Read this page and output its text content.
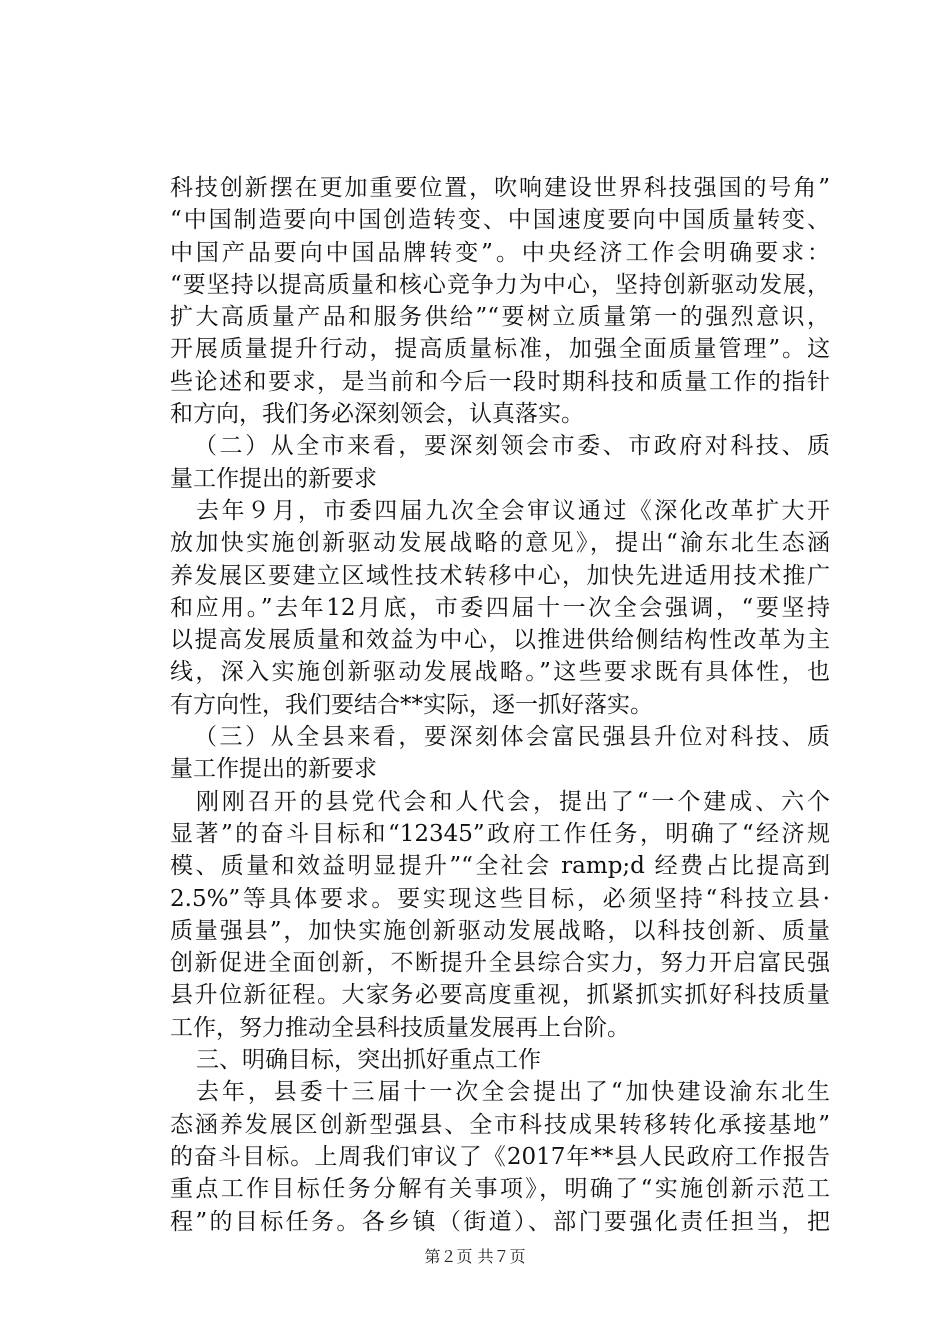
科技创新摆在更加重要位置，吹响建设世界科技强国的号角”
“中国制造要向中国创造转变、中国速度要向中国质量转变、
中国产品要向中国品牌转变”。中央经济工作会明确要求：
“要坚持以提高质量和核心竞争力为中心，坚持创新驱动发展，
扩大高质量产品和服务供给”“要树立质量第一的强烈意识，
开展质量提升行动，提高质量标准，加强全面质量管理”。这
些论述和要求，是当前和今后一段时期科技和质量工作的指针
和方向，我们务必深刻领会，认真落实。
（二）从全市来看，要深刻领会市委、市政府对科技、质
量工作提出的新要求
去年９月，市委四届九次全会审议通过《深化改革扩大开
放加快实施创新驱动发展战略的意见》，提出“渝东北生态涵
养发展区要建立区域性技术转移中心，加快先进适用技术推广
和应用。”去年12月底，市委四届十一次全会强调，“要坚持
以提高发展质量和效益为中心，以推进供给侧结构性改革为主
线，深入实施创新驱动发展战略。”这些要求既有具体性，也
有方向性，我们要结合**实际，逐一抓好落实。
（三）从全县来看，要深刻体会富民强县升位对科技、质
量工作提出的新要求
刚刚召开的县党代会和人代会，提出了“一个建成、六个
显著”的奋斗目标和“12345”政府工作任务，明确了“经济规
模、质量和效益明显提升”“全社会 ramp;d 经费占比提高到
2.5%”等具体要求。要实现这些目标，必须坚持“科技立县·
质量强县”，加快实施创新驱动发展战略，以科技创新、质量
创新促进全面创新，不断提升全县综合实力，努力开启富民强
县升位新征程。大家务必要高度重视，抓紧抓实抓好科技质量
工作，努力推动全县科技质量发展再上台阶。
三、明确目标，突出抓好重点工作
去年，县委十三届十一次全会提出了“加快建设渝东北生
态涵养发展区创新型强县、全市科技成果转移转化承接基地”
的奋斗目标。上周我们审议了《2017年**县人民政府工作报告
重点工作目标任务分解有关事项》，明确了“实施创新示范工
程”的目标任务。各乡镇（街道）、部门要强化责任担当，把
第２页 共７页
